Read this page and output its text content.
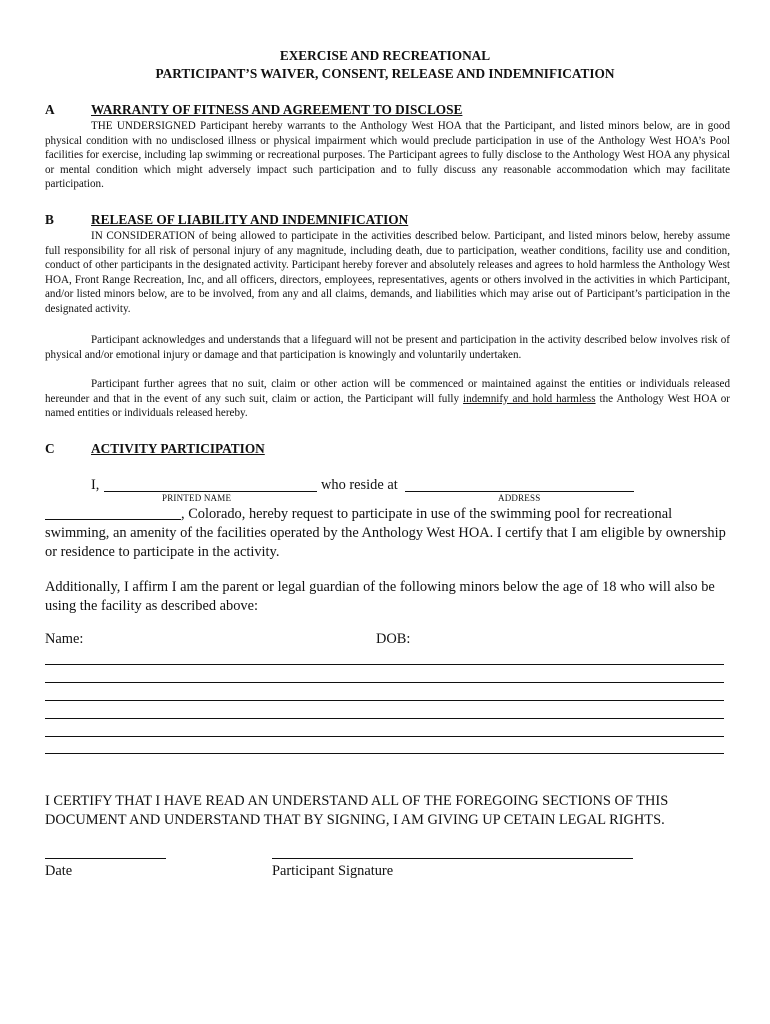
EXERCISE AND RECREATIONAL
PARTICIPANT’S WAIVER, CONSENT, RELEASE AND INDEMNIFICATION
A	WARRANTY OF FITNESS AND AGREEMENT TO DISCLOSE

THE UNDERSIGNED Participant hereby warrants to the Anthology West HOA that the Participant, and listed minors below, are in good physical condition with no undisclosed illness or physical impairment which would preclude participation in use of the Anthology West HOA’s Pool facilities for exercise, including lap swimming or recreational purposes. The Participant agrees to fully disclose to the Anthology West HOA any physical or mental condition which might adversely impact such participation and to fully discuss any reasonable accommodation which may facilitate participation.

B	RELEASE OF LIABILITY AND INDEMNIFICATION

IN CONSIDERATION of being allowed to participate in the activities described below. Participant, and listed minors below, hereby assume full responsibility for all risk of personal injury of any magnitude, including death, due to participation, weather conditions, facility use and condition, conduct of other participants in the designated activity. Participant hereby forever and absolutely releases and agrees to hold harmless the Anthology West HOA, Front Range Recreation, Inc, and all officers, directors, employees, representatives, agents or others involved in the activities in which Participant, and/or listed minors below, are to be involved, from any and all claims, demands, and liabilities which may arise out of Participant’s participation in the designated activity.

Participant acknowledges and understands that a lifeguard will not be present and participation in the activity described below involves risk of physical and/or emotional injury or damage and that participation is knowingly and voluntarily undertaken.

Participant further agrees that no suit, claim or other action will be commenced or maintained against the entities or individuals released hereunder and that in the event of any such suit, claim or action, the Participant will fully indemnify and hold harmless the Anthology West HOA or named entities or individuals released hereby.

C	ACTIVITY PARTICIPATION
I,	who reside at
PRINTED NAME	ADDRESS
, Colorado, hereby request to participate in use of the swimming pool for recreational
swimming, an amenity of the facilities operated by the Anthology West HOA. I certify that I am eligible by ownership or residence to participate in the activity.
Additionally, I affirm I am the parent or legal guardian of the following minors below the age of 18 who will also be using the facility as described above:
Name:	DOB:
I CERTIFY THAT I HAVE READ AN UNDERSTAND ALL OF THE FOREGOING SECTIONS OF THIS DOCUMENT AND UNDERSTAND THAT BY SIGNING, I AM GIVING UP CETAIN LEGAL RIGHTS.
Date	Participant Signature
